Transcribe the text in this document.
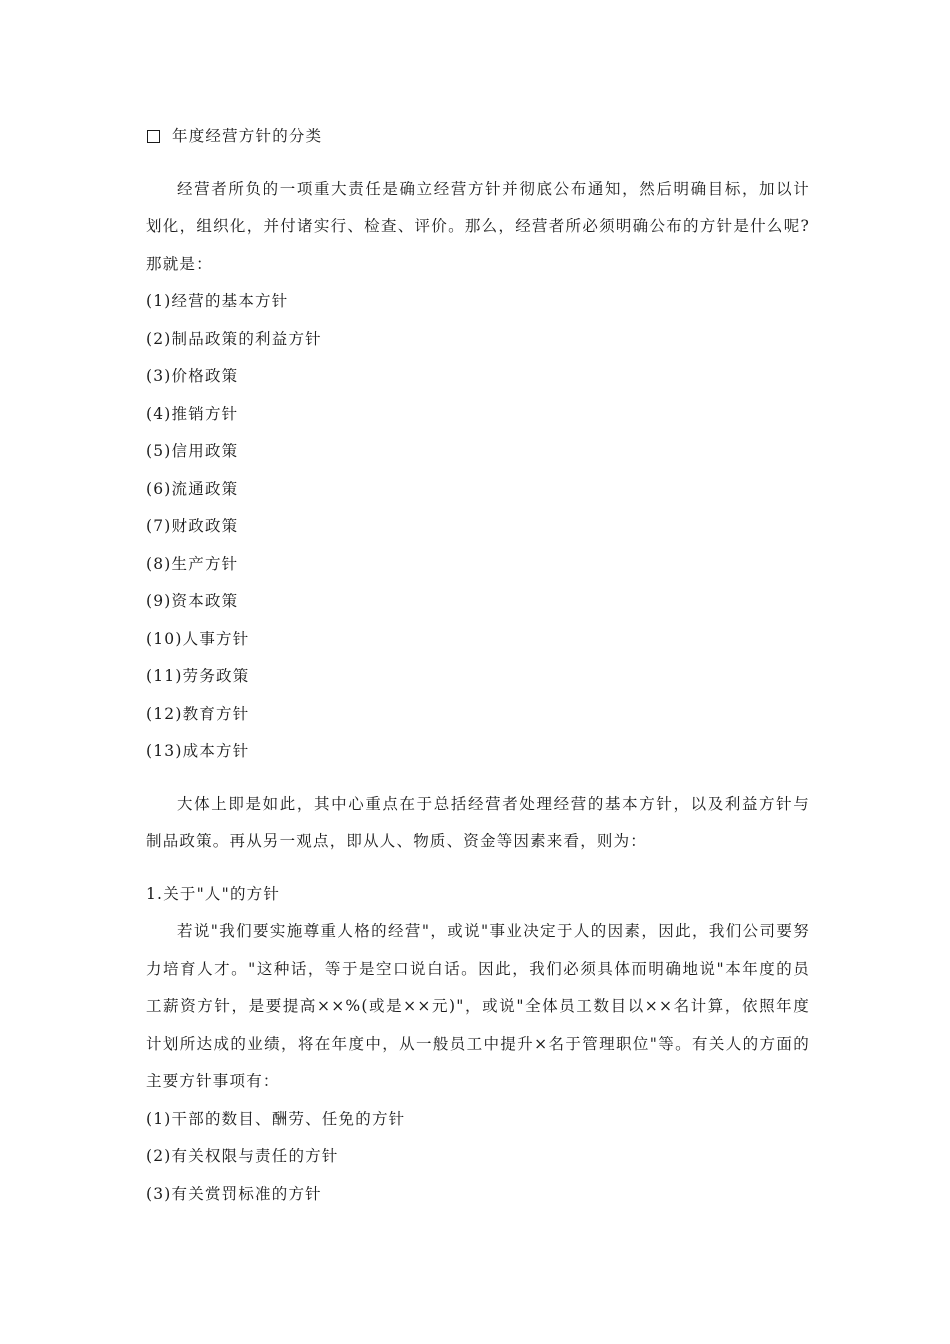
年度经营方针的分类
经营者所负的一项重大责任是确立经营方针并彻底公布通知，然后明确目标，加以计划化，组织化，并付诸实行、检查、评价。那么，经营者所必须明确公布的方针是什么呢?那就是：
(1)经营的基本方针
(2)制品政策的利益方针
(3)价格政策
(4)推销方针
(5)信用政策
(6)流通政策
(7)财政政策
(8)生产方针
(9)资本政策
(10)人事方针
(11)劳务政策
(12)教育方针
(13)成本方针
大体上即是如此，其中心重点在于总括经营者处理经营的基本方针，以及利益方针与制品政策。再从另一观点，即从人、物质、资金等因素来看，则为：
1.关于"人"的方针
若说"我们要实施尊重人格的经营"，或说"事业决定于人的因素，因此，我们公司要努力培育人才。"这种话，等于是空口说白话。因此，我们必须具体而明确地说"本年度的员工薪资方针，是要提高××%(或是××元)"，或说"全体员工数目以××名计算，依照年度计划所达成的业绩，将在年度中，从一般员工中提升×名于管理职位"等。有关人的方面的主要方针事项有：
(1)干部的数目、酬劳、任免的方针
(2)有关权限与责任的方针
(3)有关赏罚标准的方针
